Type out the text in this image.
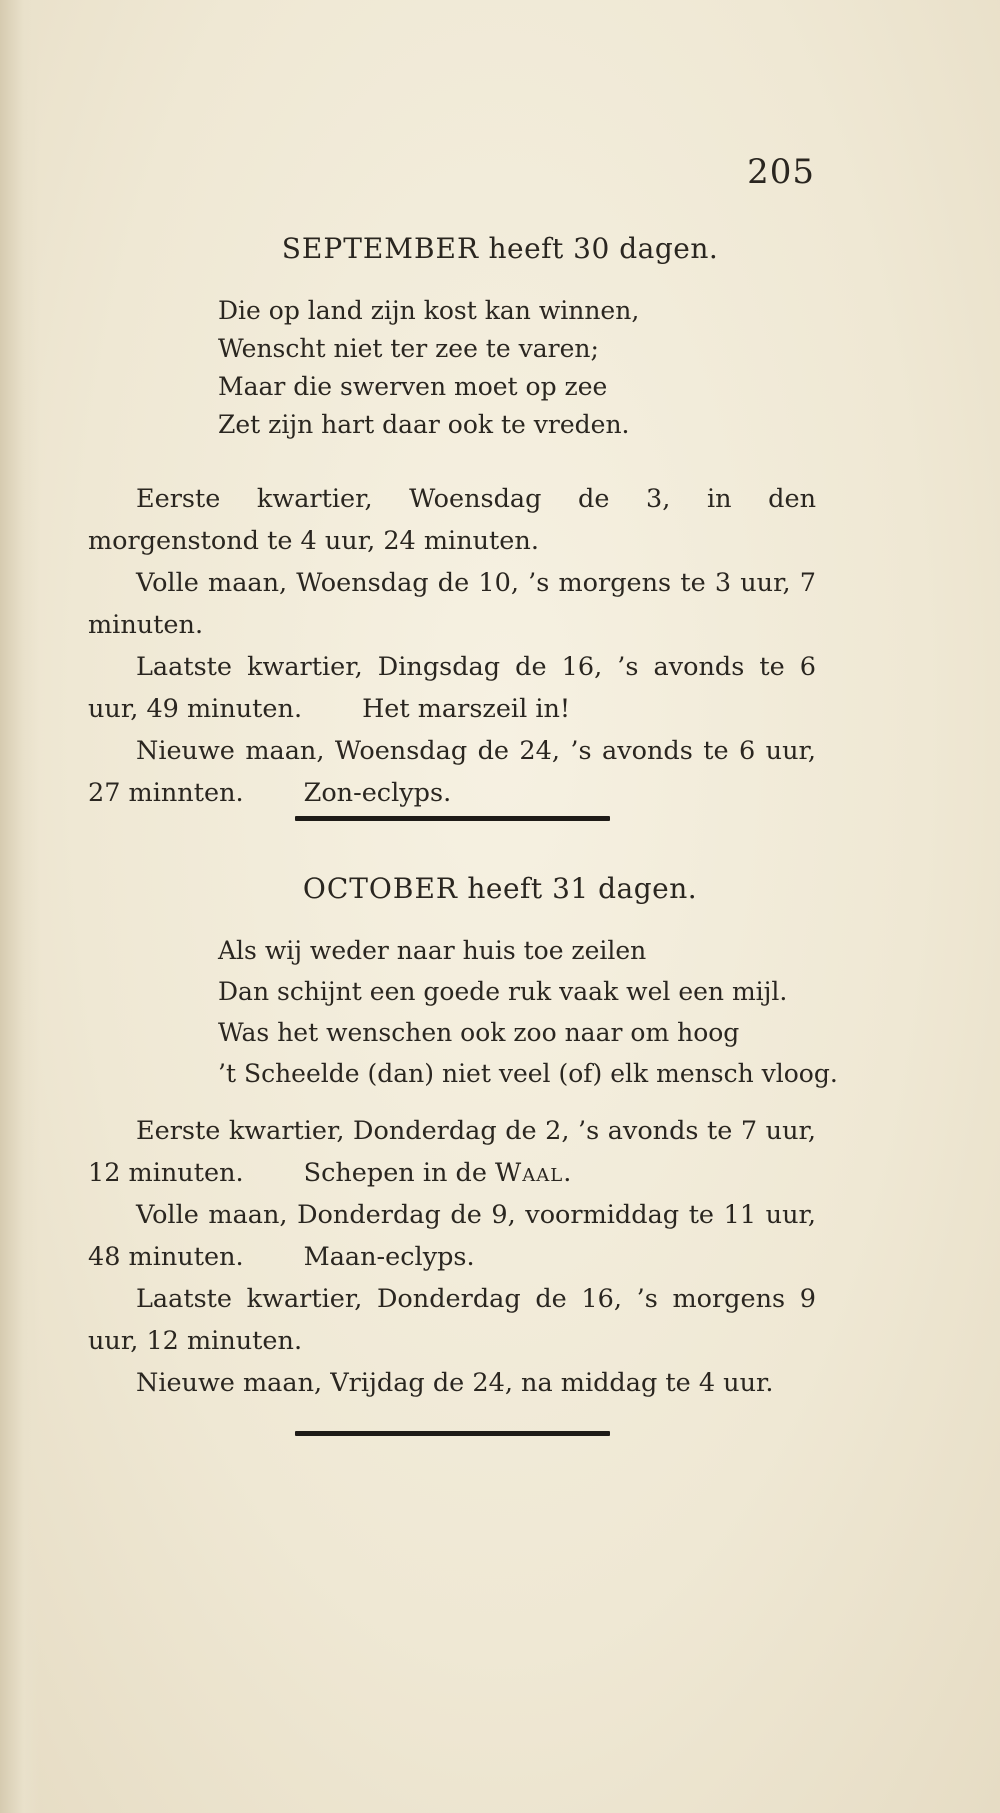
205
SEPTEMBER heeft 30 dagen.
Die op land zijn kost kan winnen,
Wenscht niet ter zee te varen;
Maar die swerven moet op zee
Zet zijn hart daar ook te vreden.
Eerste kwartier, Woensdag de 3, in den morgenstond te 4 uur, 24 minuten.
Volle maan, Woensdag de 10, ’s morgens te 3 uur, 7 minuten.
Laatste kwartier, Dingsdag de 16, ’s avonds te 6 uur, 49 minuten. Het marszeil in!
Nieuwe maan, Woensdag de 24, ’s avonds te 6 uur, 27 minnten. Zon-eclyps.
OCTOBER heeft 31 dagen.
Als wij weder naar huis toe zeilen
Dan schijnt een goede ruk vaak wel een mijl.
Was het wenschen ook zoo naar om hoog
’t Scheelde (dan) niet veel (of) elk mensch vloog.
Eerste kwartier, Donderdag de 2, ’s avonds te 7 uur, 12 minuten. Schepen in de Waal.
Volle maan, Donderdag de 9, voormiddag te 11 uur, 48 minuten. Maan-eclyps.
Laatste kwartier, Donderdag de 16, ’s morgens 9 uur, 12 minuten.
Nieuwe maan, Vrijdag de 24, na middag te 4 uur.
